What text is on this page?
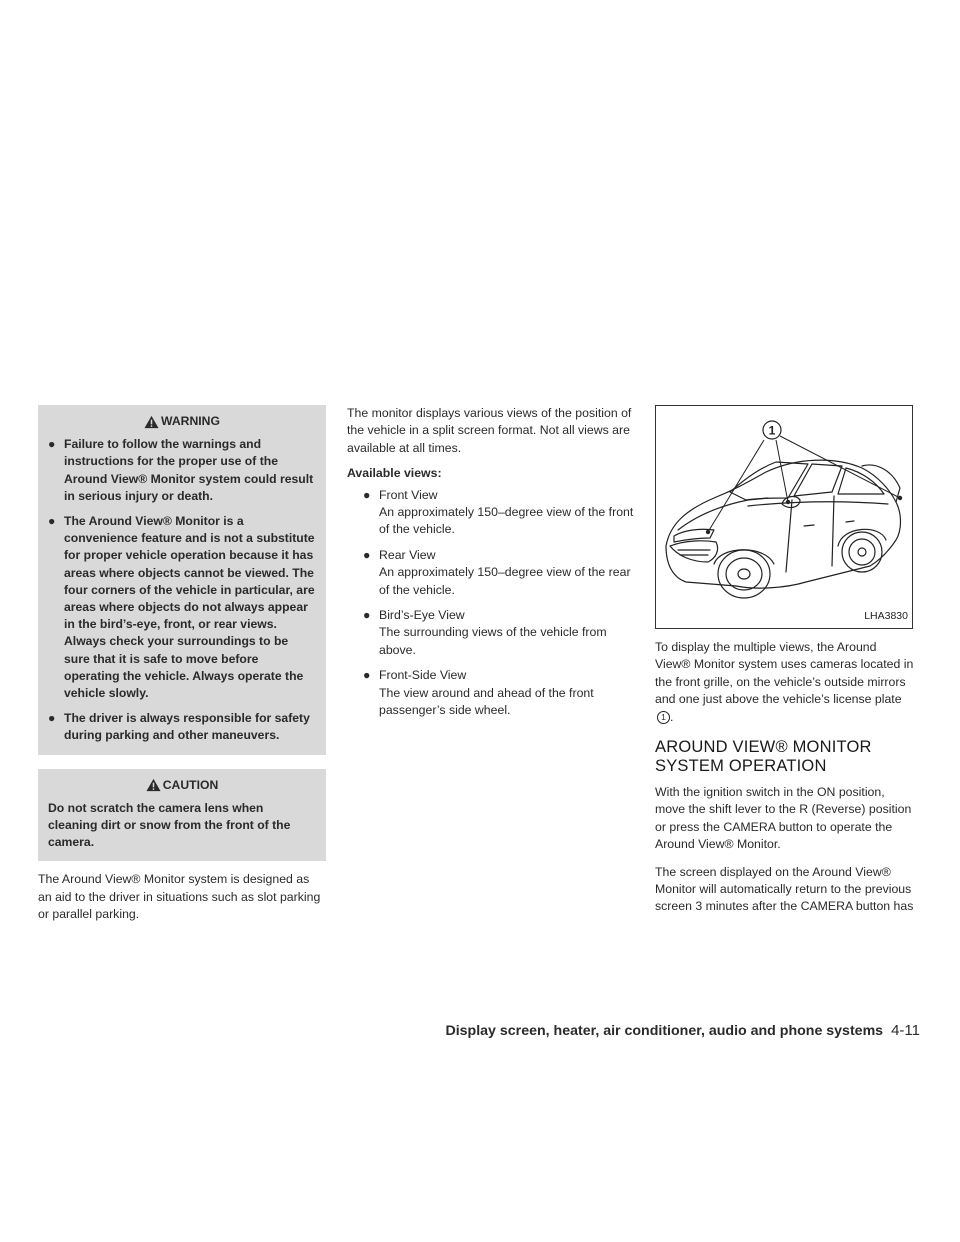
WARNING
● Failure to follow the warnings and instructions for the proper use of the Around View® Monitor system could result in serious injury or death.
● The Around View® Monitor is a convenience feature and is not a substitute for proper vehicle operation because it has areas where objects cannot be viewed. The four corners of the vehicle in particular, are areas where objects do not always appear in the bird’s-eye, front, or rear views. Always check your surroundings to be sure that it is safe to move before operating the vehicle. Always operate the vehicle slowly.
● The driver is always responsible for safety during parking and other maneuvers.
CAUTION
Do not scratch the camera lens when cleaning dirt or snow from the front of the camera.

The Around View® Monitor system is designed as an aid to the driver in situations such as slot parking or parallel parking.

The monitor displays various views of the position of the vehicle in a split screen format. Not all views are available at all times.

Available views:
● Front View
An approximately 150–degree view of the front of the vehicle.
● Rear View
An approximately 150–degree view of the rear of the vehicle.
● Bird’s-Eye View
The surrounding views of the vehicle from above.
● Front-Side View
The view around and ahead of the front passenger’s side wheel.
1
LHA3830

To display the multiple views, the Around View® Monitor system uses cameras located in the front grille, on the vehicle’s outside mirrors and one just above the vehicle’s license plate 1 .

AROUND VIEW® MONITOR
SYSTEM OPERATION

With the ignition switch in the ON position, move the shift lever to the R (Reverse) position or press the CAMERA button to operate the Around View® Monitor.

The screen displayed on the Around View® Monitor will automatically return to the previous screen 3 minutes after the CAMERA button has

Display screen, heater, air conditioner, audio and phone systems 4-11
